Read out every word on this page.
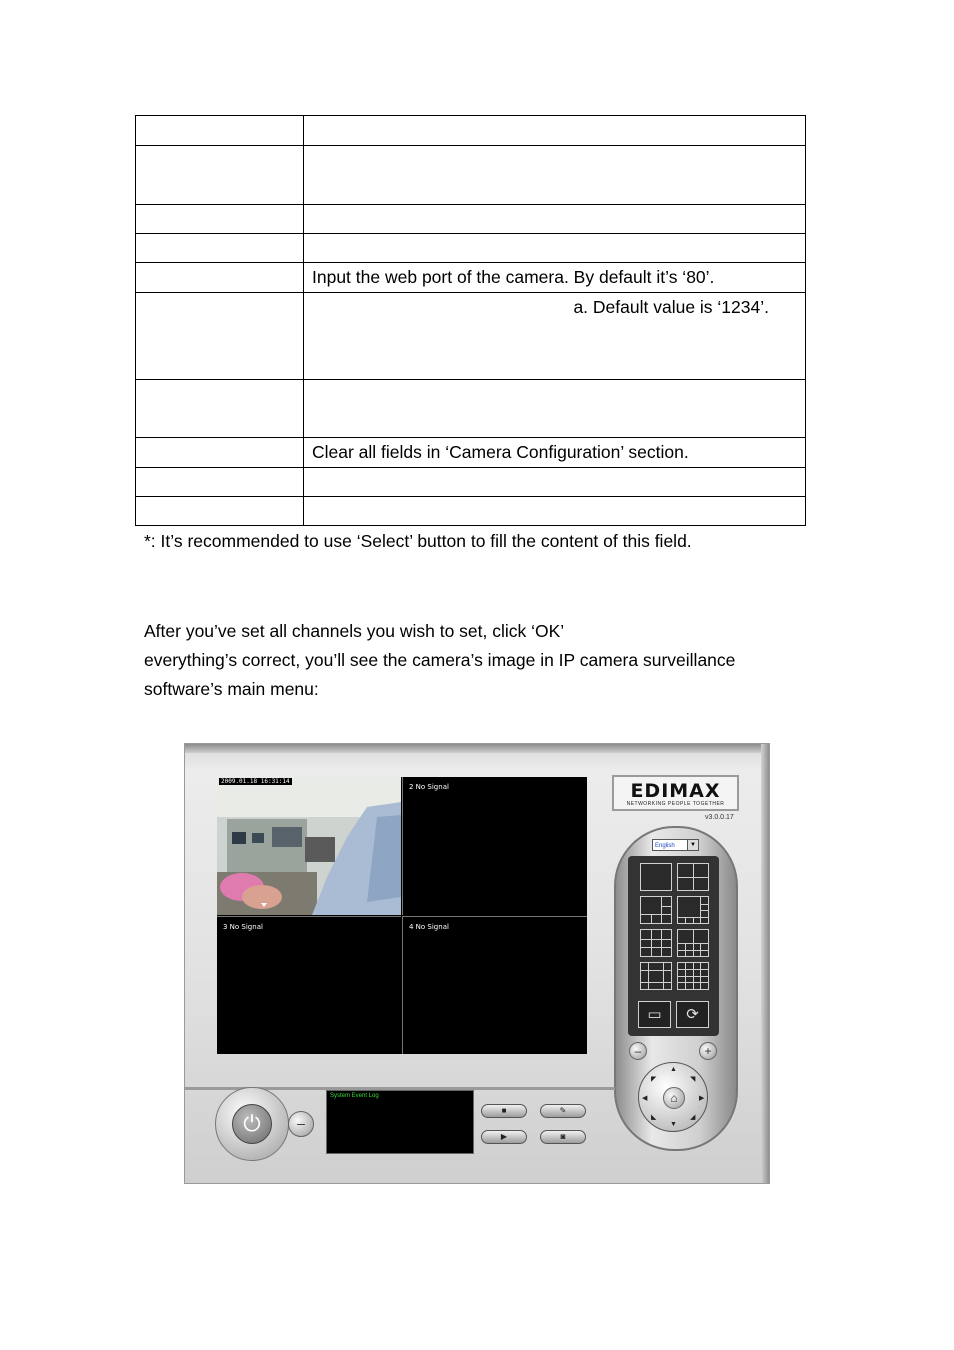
	Input the web port of the camera. By default it’s ‘80’.
	a. Default value is ‘1234’.

	Clear all fields in ‘Camera Configuration’ section.

*: It’s recommended to use ‘Select’ button to fill the content of this field.
After you’ve set all channels you wish to set, click ‘OK’
everything’s correct, you’ll see the camera’s image in IP camera surveillance
software’s main menu:
2009.01.18 16:31:14
2 No Signal
3 No Signal	4 No Signal
EDIMAX
NETWORKING PEOPLE TOGETHER
v3.0.0.17
English	▼
▭	⟳
–	+
▲
▼
◀	▶
◤	◥
◣	◢
⌂
⏻	–
System Event Log
■	✎
▶	◙
